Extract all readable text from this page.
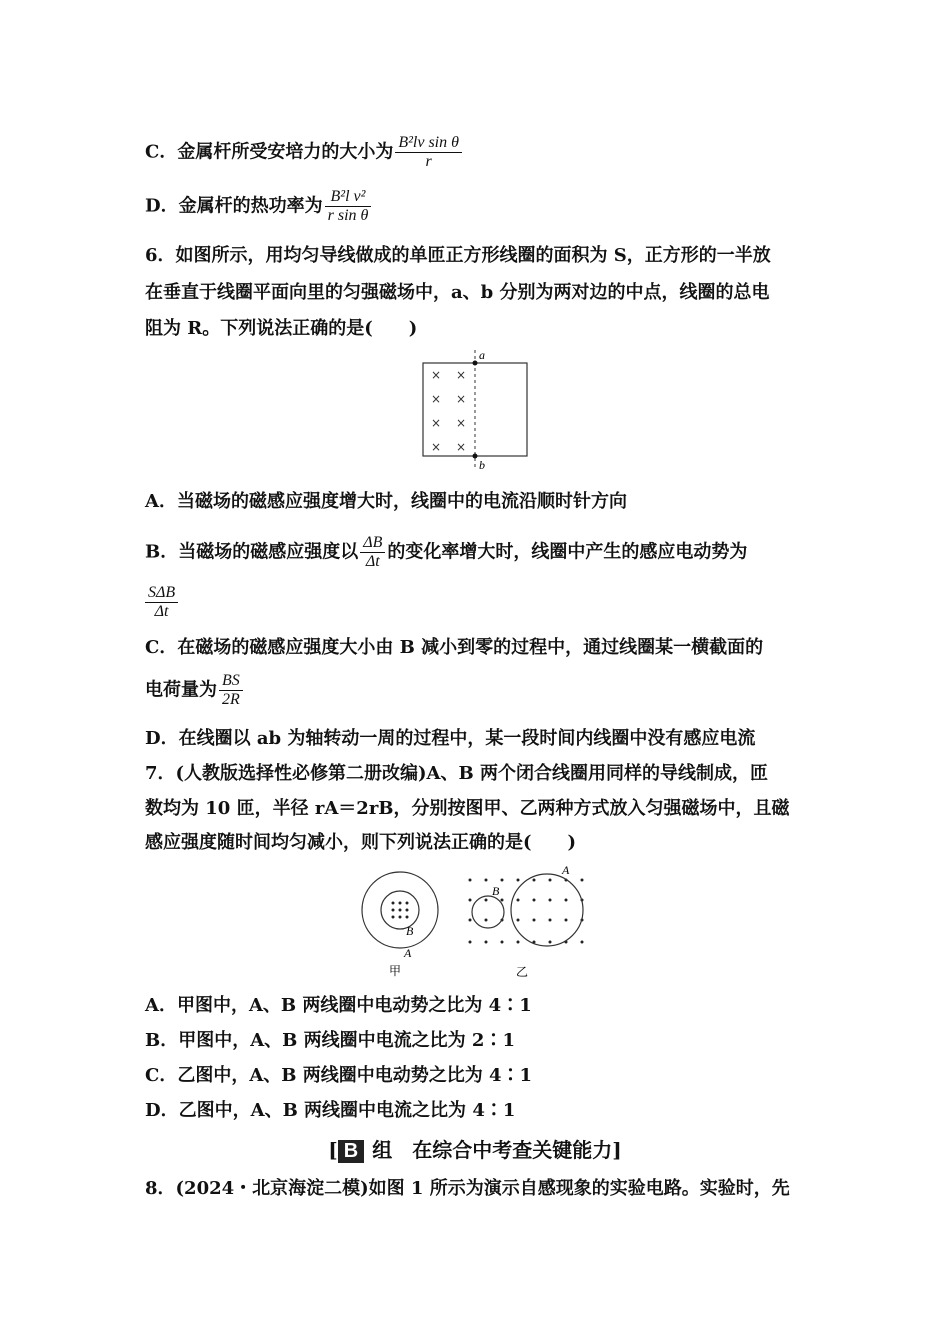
C．金属杆所受安培力的大小为 $\frac{\text{B²lv sin θ}}{r}$
D．金属杆的热功率为 $\frac{\text{B²l v²}}{\text{r sin θ}}$
6．如图所示，用均匀导线做成的单匝正方形线圈的面积为 S，正方形的一半放
在垂直于线圈平面向里的匀强磁场中，a、b 分别为两对边的中点，线圈的总电
阻为 R。下列说法正确的是(　　)
a
b
× ×
× ×
× ×
× ×
A．当磁场的磁感应强度增大时，线圈中的电流沿顺时针方向
B．当磁场的磁感应强度以 $\frac{\Delta B}{\Delta t}$ 的变化率增大时，线圈中产生的感应电动势为
$\frac{\text{SΔB}}{\Delta t}$
C．在磁场的磁感应强度大小由 B 减小到零的过程中，通过线圈某一横截面的
电荷量为 $\frac{BS}{2R}$
D．在线圈以 ab 为轴转动一周的过程中，某一段时间内线圈中没有感应电流
7．(人教版选择性必修第二册改编)A、B 两个闭合线圈用同样的导线制成，匝
数均为 10 匝，半径 rA＝2rB，分别按图甲、乙两种方式放入匀强磁场中，且磁
感应强度随时间均匀减小，则下列说法正确的是(　　)
B
A
甲
B
A
乙
A．甲图中，A、B 两线圈中电动势之比为 4∶1
B．甲图中，A、B 两线圈中电流之比为 2∶1
C．乙图中，A、B 两线圈中电动势之比为 4∶1
D．乙图中，A、B 两线圈中电流之比为 4∶1
[ B 组　在综合中考查关键能力]
8．(2024・北京海淀二模)如图 1 所示为演示自感现象的实验电路。实验时，先
